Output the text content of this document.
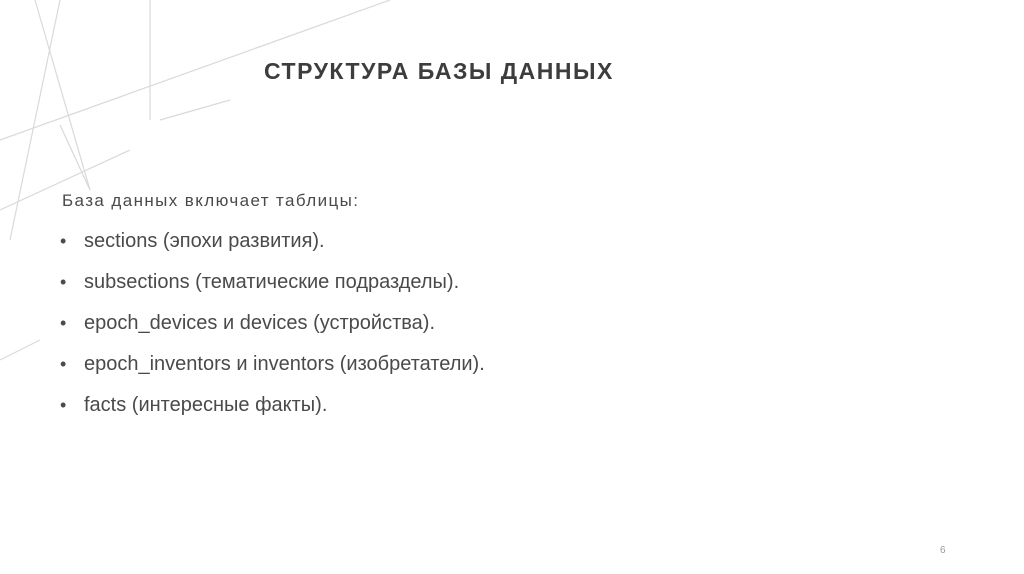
СТРУКТУРА БАЗЫ ДАННЫХ

База данных включает таблицы:

• sections (эпохи развития).
• subsections (тематические подразделы).
• epoch_devices и devices (устройства).
• epoch_inventors и inventors (изобретатели).
• facts (интересные факты).
6
